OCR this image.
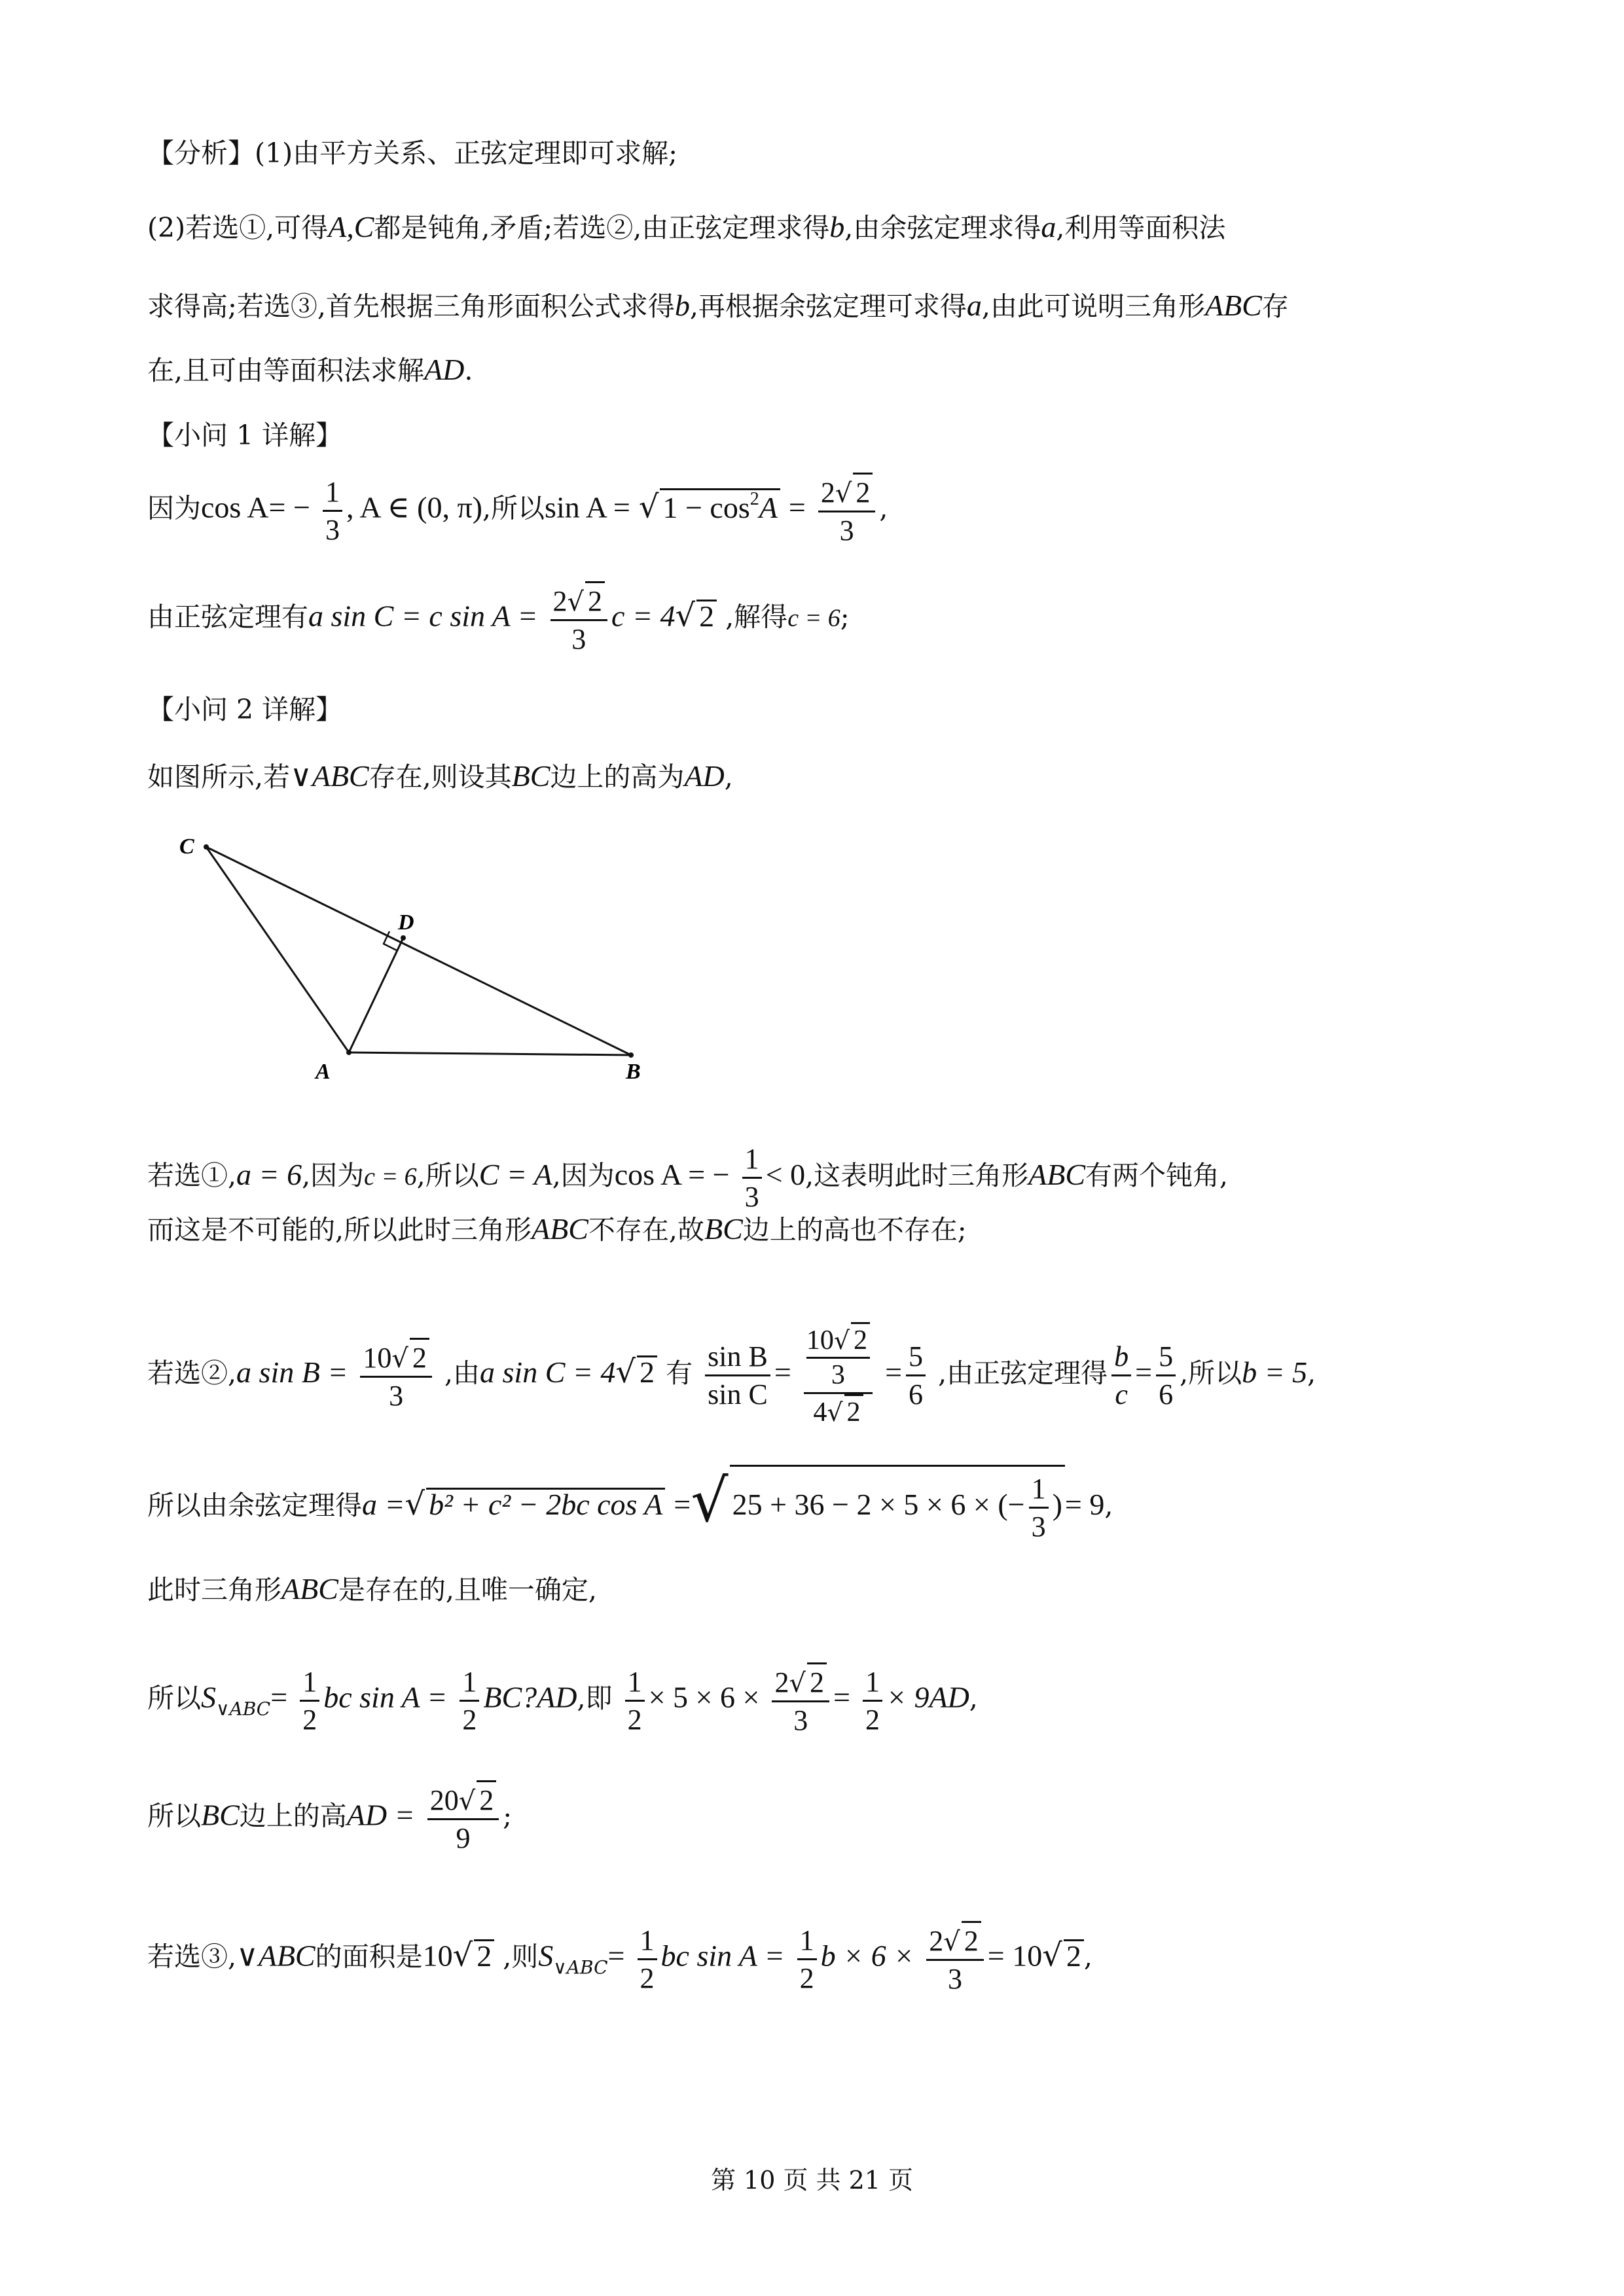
【分析】(1)由平方关系、正弦定理即可求解;
(2)若选①,可得A,C都是钝角,矛盾;若选②,由正弦定理求得b,由余弦定理求得a,利用等面积法
求得高;若选③,首先根据三角形面积公式求得b,再根据余弦定理可求得a,由此可说明三角形ABC存
在,且可由等面积法求解AD.
【小问 1 详解】
因为$\cos A= - \frac{1}{3}$ , A ∈ (0, π),所以sin A = √ $1 - \cos^2A = \frac{2√ 2}{3}$ ,
由正弦定理有a sin C = c $\sin A = \frac{2√ 2}{3}$ c = 4√ 2 ,解得c = 6;
【小问 2 详解】
如图所示,若∨ABC存在,则设其BC边上的高为AD,
C
D
A	B
若选①,a = 6,因为c = 6,所以C = A,因为cos A = − $\frac{1}{3} < 0$,这表明此时三角形ABC有两个钝角,
而这是不可能的,所以此时三角形ABC不存在,故BC边上的高也不存在;
若选②,a $\sin B = \frac{10√ 2}{3}$ ,由a sin C = 4√ 2 有 $\frac{\text{sin B}}{\text{sin C}} = 10√$ 2
3
4√ $2 = \frac{5}{6}$ ,由正弦定理得 $\frac{b}{c} = \frac{5}{6}$ ,所以b = 5,
所以由余弦定理得a =√ b² + c² − 2bc cos A =√ 25 + 36 − 2 × 5 × 6 × (− $\frac{1}{3}$ )= 9,
此时三角形ABC是存在的,且唯一确定,
所以$S_{\vee ABC}= \frac{1}{2}$ bc $\sin A = \frac{1}{2}$ BC?AD,即 $\frac{1}{2} \times 5 \times 6 \times \frac{2√ 2}{3} = \frac{1}{2} \times 9AD$,
所以BC边上的高AD = $\frac{20√ 2}{9}$ ;
若选③,∨ABC的面积是10√ 2 ,则$S_{\vee ABC}= \frac{1}{2}$ bc $\sin A = \frac{1}{2}$ $b \times 6 \times \frac{2√ 2}{3} = 10√$ 2,
第 10 页 共 21 页
